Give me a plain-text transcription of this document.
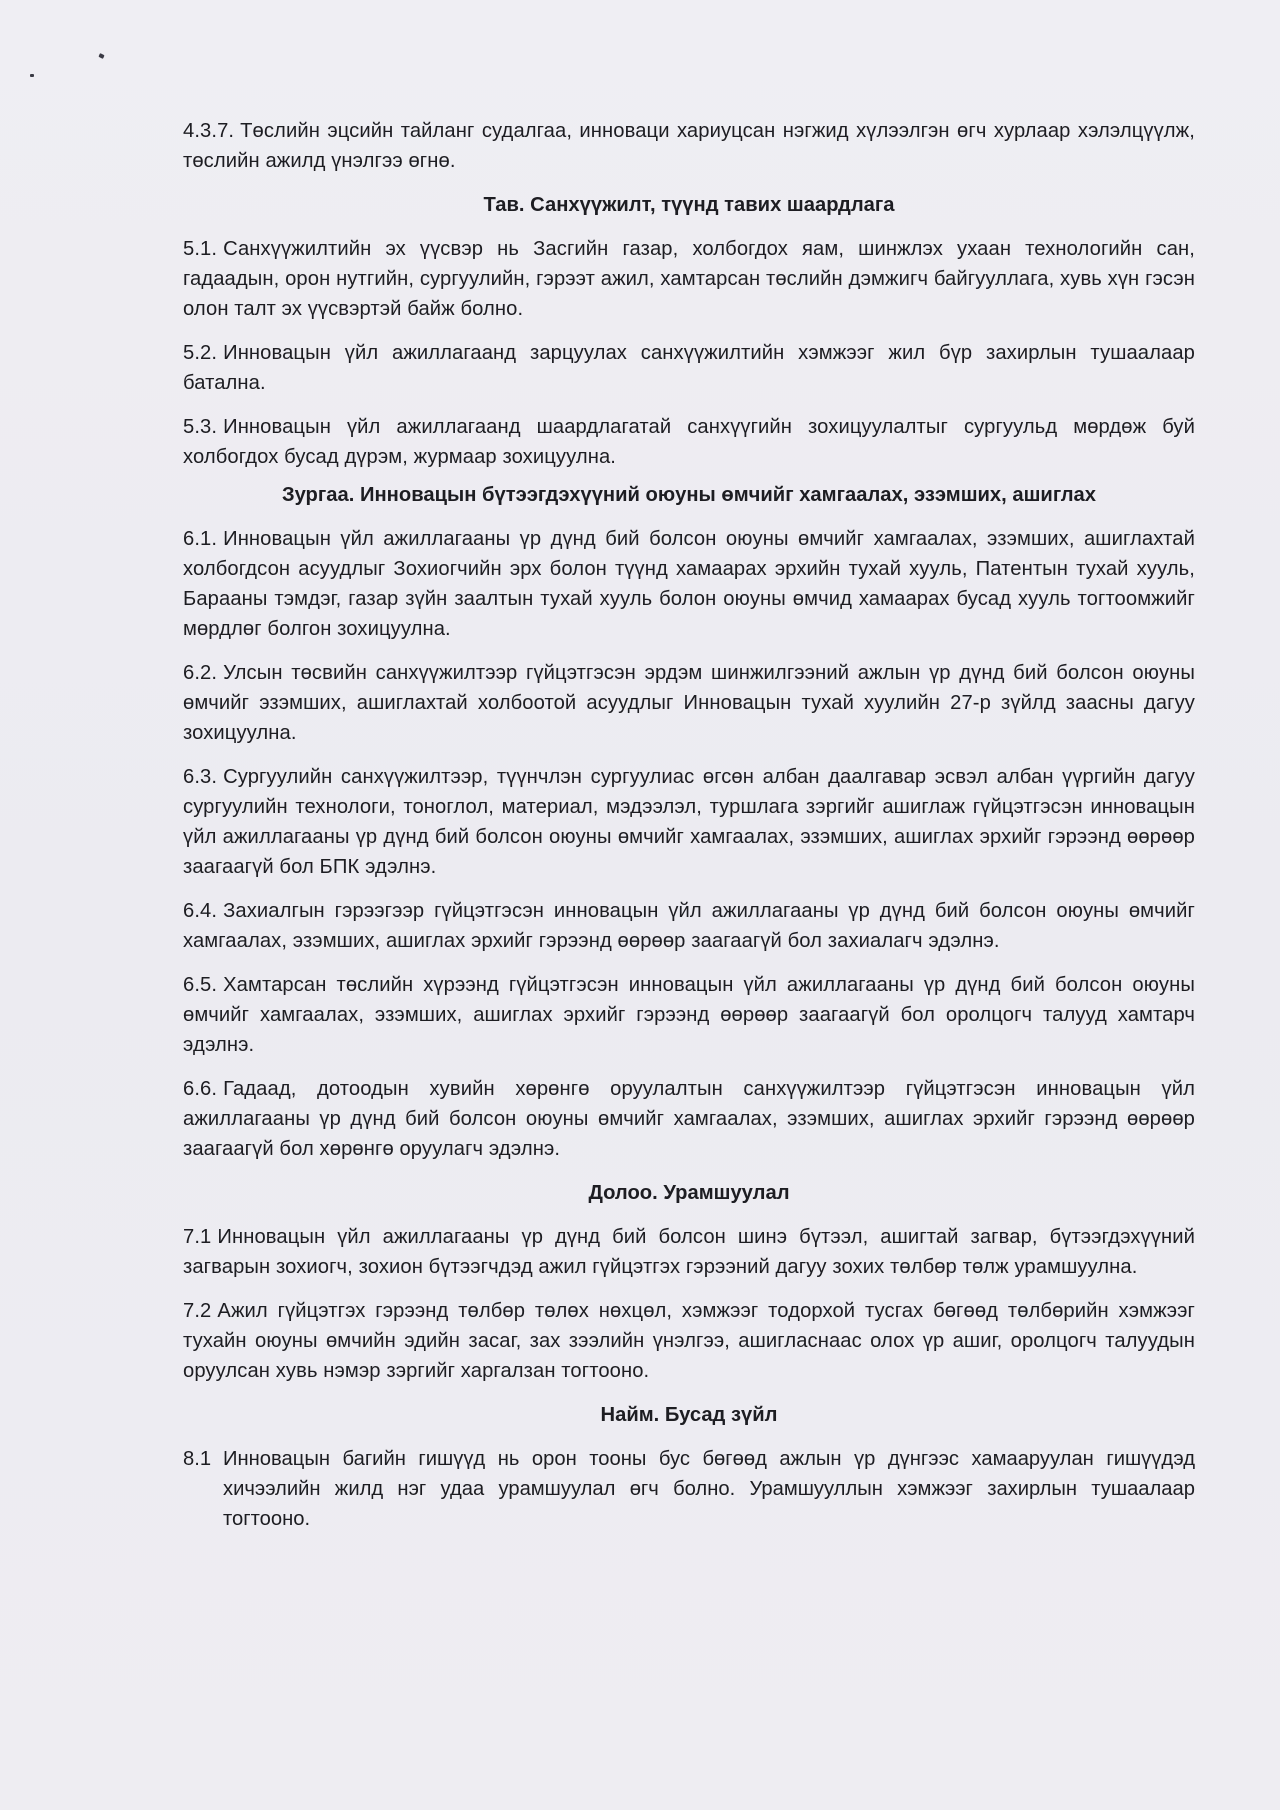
4.3.7. Төслийн эцсийн тайланг судалгаа, инноваци хариуцсан нэгжид хүлээлгэн өгч хурлаар хэлэлцүүлж, төслийн ажилд үнэлгээ өгнө.

Тав. Санхүүжилт, түүнд тавих шаардлага

5.1. Санхүүжилтийн эх үүсвэр нь Засгийн газар, холбогдох яам, шинжлэх ухаан технологийн сан, гадаадын, орон нутгийн, сургуулийн, гэрээт ажил, хамтарсан төслийн дэмжигч байгууллага, хувь хүн гэсэн олон талт эх үүсвэртэй байж болно.

5.2. Инновацын үйл ажиллагаанд зарцуулах санхүүжилтийн хэмжээг жил бүр захирлын тушаалаар батална.

5.3. Инновацын үйл ажиллагаанд шаардлагатай санхүүгийн зохицуулалтыг сургуульд мөрдөж буй холбогдох бусад дүрэм, журмаар зохицуулна.

Зургаа. Инновацын бүтээгдэхүүний оюуны өмчийг хамгаалах, эзэмших, ашиглах

6.1. Инновацын үйл ажиллагааны үр дүнд бий болсон оюуны өмчийг хамгаалах, эзэмших, ашиглахтай холбогдсон асуудлыг Зохиогчийн эрх болон түүнд хамаарах эрхийн тухай хууль, Патентын тухай хууль, Барааны тэмдэг, газар зүйн заалтын тухай хууль болон оюуны өмчид хамаарах бусад хууль тогтоомжийг мөрдлөг болгон зохицуулна.

6.2. Улсын төсвийн санхүүжилтээр гүйцэтгэсэн эрдэм шинжилгээний ажлын үр дүнд бий болсон оюуны өмчийг эзэмших, ашиглахтай холбоотой асуудлыг Инновацын тухай хуулийн 27-р зүйлд заасны дагуу зохицуулна.

6.3. Сургуулийн санхүүжилтээр, түүнчлэн сургуулиас өгсөн албан даалгавар эсвэл албан үүргийн дагуу сургуулийн технологи, тоноглол, материал, мэдээлэл, туршлага зэргийг ашиглаж гүйцэтгэсэн инновацын үйл ажиллагааны үр дүнд бий болсон оюуны өмчийг хамгаалах, эзэмших, ашиглах эрхийг гэрээнд өөрөөр заагаагүй бол БПК эдэлнэ.

6.4. Захиалгын гэрээгээр гүйцэтгэсэн инновацын үйл ажиллагааны үр дүнд бий болсон оюуны өмчийг хамгаалах, эзэмших, ашиглах эрхийг гэрээнд өөрөөр заагаагүй бол захиалагч эдэлнэ.

6.5. Хамтарсан төслийн хүрээнд гүйцэтгэсэн инновацын үйл ажиллагааны үр дүнд бий болсон оюуны өмчийг хамгаалах, эзэмших, ашиглах эрхийг гэрээнд өөрөөр заагаагүй бол оролцогч талууд хамтарч эдэлнэ.

6.6. Гадаад, дотоодын хувийн хөрөнгө оруулалтын санхүүжилтээр гүйцэтгэсэн инновацын үйл ажиллагааны үр дүнд бий болсон оюуны өмчийг хамгаалах, эзэмших, ашиглах эрхийг гэрээнд өөрөөр заагаагүй бол хөрөнгө оруулагч эдэлнэ.

Долоо. Урамшуулал

7.1 Инновацын үйл ажиллагааны үр дүнд бий болсон шинэ бүтээл, ашигтай загвар, бүтээгдэхүүний загварын зохиогч, зохион бүтээгчдэд ажил гүйцэтгэх гэрээний дагуу зохих төлбөр төлж урамшуулна.

7.2 Ажил гүйцэтгэх гэрээнд төлбөр төлөх нөхцөл, хэмжээг тодорхой тусгах бөгөөд төлбөрийн хэмжээг тухайн оюуны өмчийн эдийн засаг, зах зээлийн үнэлгээ, ашигласнаас олох үр ашиг, оролцогч талуудын оруулсан хувь нэмэр зэргийг харгалзан тогтооно.

Найм. Бусад зүйл
8.1 Инновацын багийн гишүүд нь орон тооны бус бөгөөд ажлын үр дүнгээс хамааруулан гишүүдэд хичээлийн жилд нэг удаа урамшуулал өгч болно. Урамшууллын хэмжээг захирлын тушаалаар тогтооно.
